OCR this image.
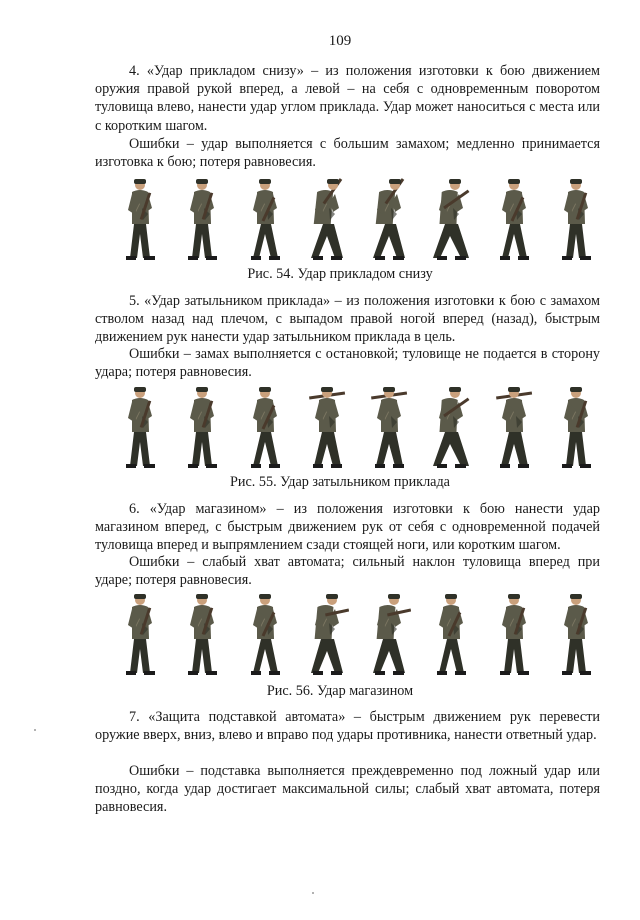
109

4. «Удар прикладом снизу» – из положения изготовки к бою движением оружия правой рукой вперед, а левой – на себя с одновременным поворотом туловища влево, нанести удар углом приклада. Удар может наноситься с места или с коротким шагом.

Ошибки – удар выполняется с большим замахом; медленно принимается изготовка к бою; потеря равновесия.

Рис. 54. Удар прикладом снизу

5. «Удар затыльником приклада» – из положения изготовки к бою с замахом стволом назад над плечом, с выпадом правой ногой вперед (назад), быстрым движением рук нанести удар затыльником приклада в цель.

Ошибки – замах выполняется с остановкой; туловище не подается в сторону удара; потеря равновесия.

Рис. 55. Удар затыльником приклада

6. «Удар магазином» – из положения изготовки к бою нанести удар магазином вперед, с быстрым движением рук от себя с одновременной подачей туловища вперед и выпрямлением сзади стоящей ноги, или коротким шагом.

Ошибки – слабый хват автомата; сильный наклон туловища вперед при ударе; потеря равновесия.

Рис. 56. Удар магазином

7. «Защита подставкой автомата» – быстрым движением рук перевести оружие вверх, вниз, влево и вправо под удары противника, нанести ответный удар.

Ошибки – подставка выполняется преждевременно под ложный удар или поздно, когда удар достигает максимальной силы; слабый хват автомата, потеря равновесия.
